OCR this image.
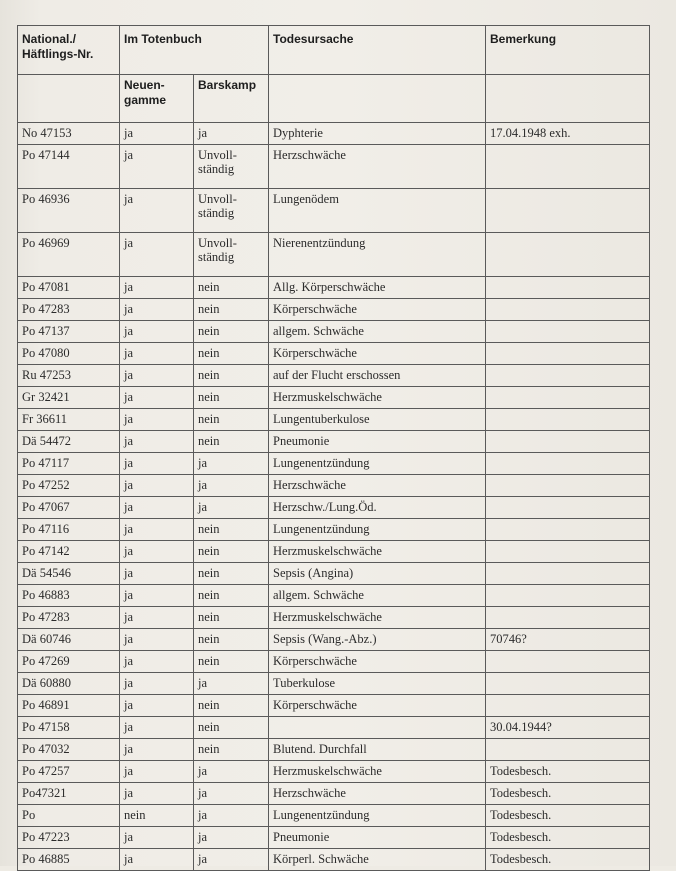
National./ Häftlings-Nr.	Im Totenbuch		Todesursache	Bemerkung
	Neuen- gamme	Barskamp		
No 47153	ja	ja	Dyphterie	17.04.1948 exh.
Po 47144	ja	Unvoll- ständig	Herzschwäche	
Po 46936	ja	Unvoll- ständig	Lungenödem	
Po 46969	ja	Unvoll- ständig	Nierenentzündung	
Po 47081	ja	nein	Allg. Körperschwäche	
Po 47283	ja	nein	Körperschwäche	
Po 47137	ja	nein	allgem. Schwäche	
Po 47080	ja	nein	Körperschwäche	
Ru 47253	ja	nein	auf der Flucht erschossen	
Gr 32421	ja	nein	Herzmuskelschwäche	
Fr 36611	ja	nein	Lungentuberkulose	
Dä 54472	ja	nein	Pneumonie	
Po 47117	ja	ja	Lungenentzündung	
Po 47252	ja	ja	Herzschwäche	
Po 47067	ja	ja	Herzschw./Lung.Öd.	
Po 47116	ja	nein	Lungenentzündung	
Po 47142	ja	nein	Herzmuskelschwäche	
Dä 54546	ja	nein	Sepsis (Angina)	
Po 46883	ja	nein	allgem. Schwäche	
Po 47283	ja	nein	Herzmuskelschwäche	
Dä 60746	ja	nein	Sepsis (Wang.-Abz.)	70746?
Po 47269	ja	nein	Körperschwäche	
Dä 60880	ja	ja	Tuberkulose	
Po 46891	ja	nein	Körperschwäche	
Po 47158	ja	nein		30.04.1944?
Po 47032	ja	nein	Blutend. Durchfall	
Po 47257	ja	ja	Herzmuskelschwäche	Todesbesch.
Po47321	ja	ja	Herzschwäche	Todesbesch.
Po	nein	ja	Lungenentzündung	Todesbesch.
Po 47223	ja	ja	Pneumonie	Todesbesch.
Po 46885	ja	ja	Körperl. Schwäche	Todesbesch.
